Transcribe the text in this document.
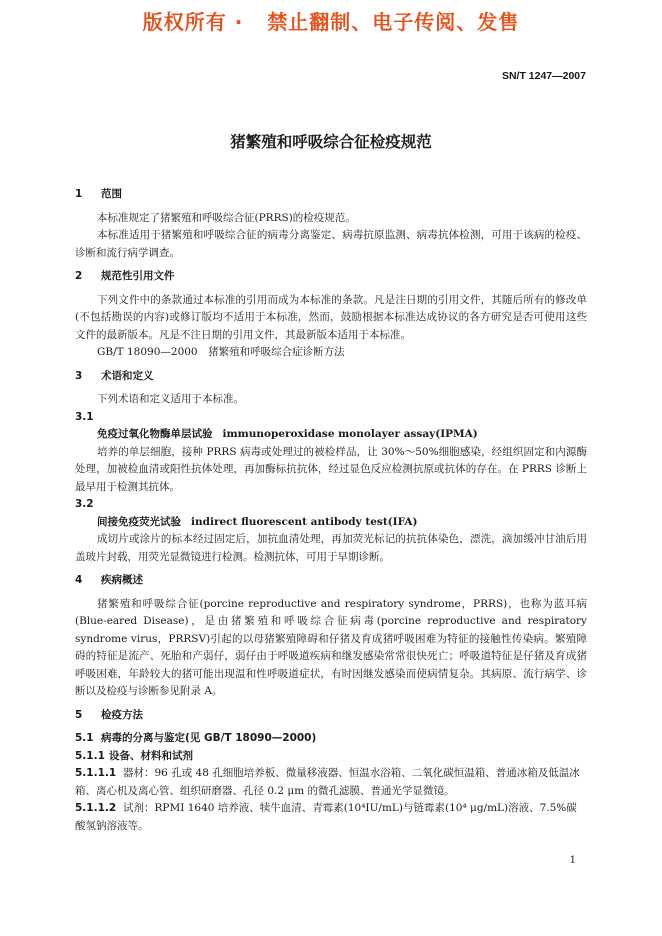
版权所有 ·   禁止翻制、电子传阅、发售
SN/T 1247—2007
猪繁殖和呼吸综合征检疫规范
1 范围
本标准规定了猪繁殖和呼吸综合征(PRRS)的检疫规范。
本标准适用于猪繁殖和呼吸综合征的病毒分离鉴定、病毒抗原监测、病毒抗体检测，可用于该病的检疫、诊断和流行病学调查。
2 规范性引用文件
下列文件中的条款通过本标准的引用而成为本标准的条款。凡是注日期的引用文件，其随后所有的修改单(不包括勘误的内容)或修订版均不适用于本标准，然而，鼓励根据本标准达成协议的各方研究是否可使用这些文件的最新版本。凡是不注日期的引用文件，其最新版本适用于本标准。
GB/T 18090—2000　猪繁殖和呼吸综合症诊断方法
3 术语和定义
下列术语和定义适用于本标准。
3.1
免疫过氧化物酶单层试验 immunoperoxidase monolayer assay(IPMA)
培养的单层细胞，接种 PRRS 病毒或处理过的被检样品，让 30%～50%细胞感染，经组织固定和内源酶处理，加被检血清或阳性抗体处理，再加酶标抗抗体，经过显色反应检测抗原或抗体的存在。在 PRRS 诊断上最早用于检测其抗体。
3.2
间接免疫荧光试验 indirect fluorescent antibody test(IFA)
成切片或涂片的标本经过固定后，加抗血清处理，再加荧光标记的抗抗体染色，漂洗，滴加缓冲甘油后用盖玻片封载，用荧光显微镜进行检测。检测抗体，可用于早期诊断。
4 疾病概述
猪繁殖和呼吸综合征(porcine reproductive and respiratory syndrome，PRRS)，也称为蓝耳病(Blue-eared Disease)，是由猪繁殖和呼吸综合征病毒(porcine reproductive and respiratory syndrome virus，PRRSV)引起的以母猪繁殖障碍和仔猪及育成猪呼吸困难为特征的接触性传染病。繁殖障碍的特征是流产、死胎和产弱仔，弱仔由于呼吸道疾病和继发感染常常很快死亡；呼吸道特征是仔猪及育成猪呼吸困难，年龄较大的猪可能出现温和性呼吸道症状，有时因继发感染而使病情复杂。其病原、流行病学、诊断以及检疫与诊断参见附录 A。
5 检疫方法
5.1 病毒的分离与鉴定(见 GB/T 18090—2000)
5.1.1 设备、材料和试剂
5.1.1.1 器材：96 孔或 48 孔细胞培养板、微量移液器、恒温水浴箱、二氧化碳恒温箱、普通冰箱及低温冰箱、离心机及离心管、组织研磨器、孔径 0.2 μm 的微孔滤膜、普通光学显微镜。
5.1.1.2 试剂：RPMI 1640 培养液、犊牛血清、青霉素(10⁴IU/mL)与链霉素(10⁴ μg/mL)溶液、7.5%碳酸氢钠溶液等。
1
